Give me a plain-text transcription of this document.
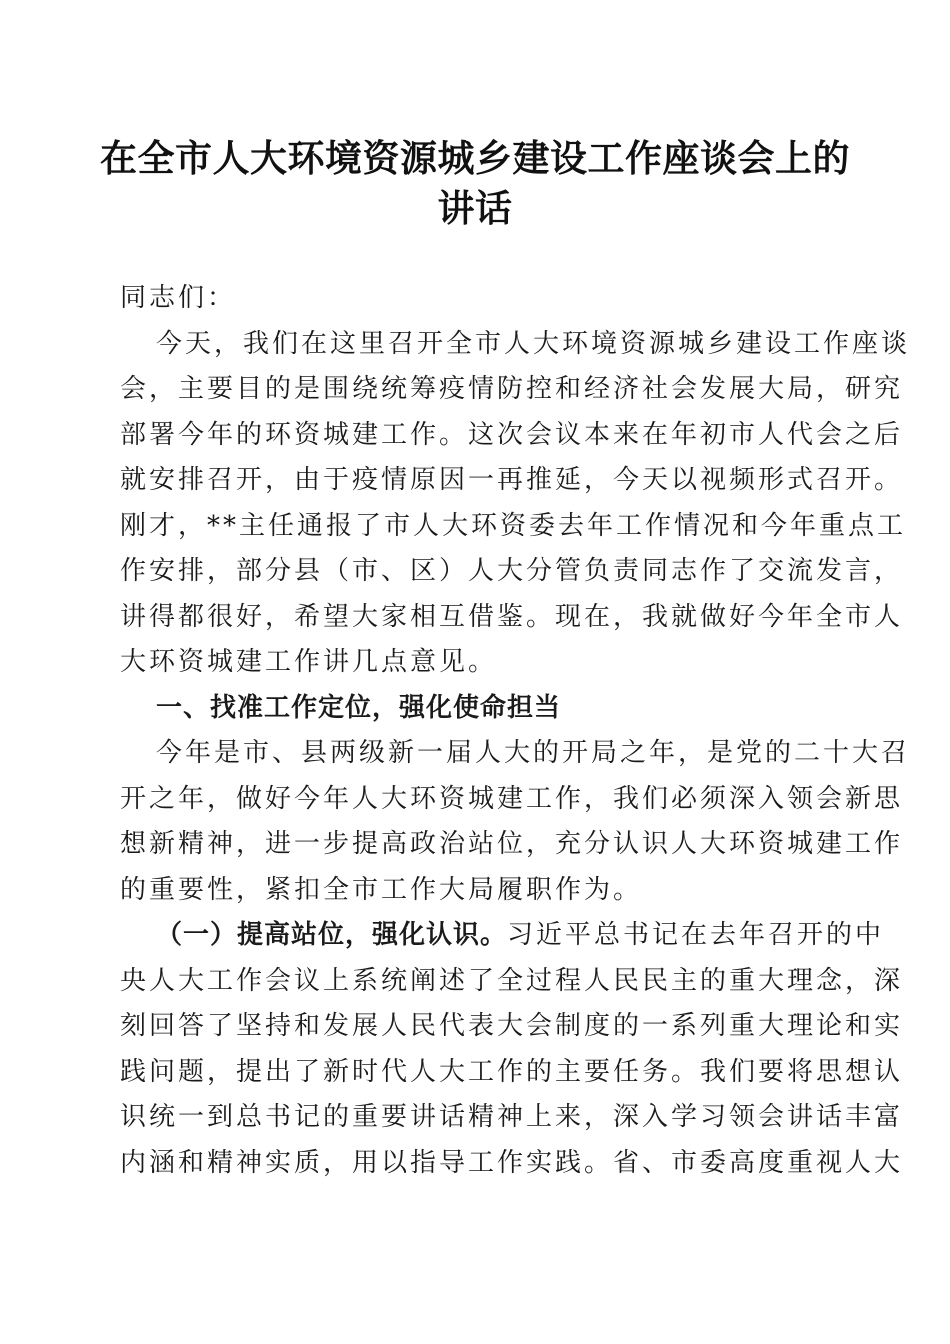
在全市人大环境资源城乡建设工作座谈会上的
讲话
同志们：
今天，我们在这里召开全市人大环境资源城乡建设工作座谈
会，主要目的是围绕统筹疫情防控和经济社会发展大局，研究
部署今年的环资城建工作。这次会议本来在年初市人代会之后
就安排召开，由于疫情原因一再推延，今天以视频形式召开。
刚才，**主任通报了市人大环资委去年工作情况和今年重点工
作安排，部分县（市、区）人大分管负责同志作了交流发言，
讲得都很好，希望大家相互借鉴。现在，我就做好今年全市人
大环资城建工作讲几点意见。
一、找准工作定位，强化使命担当
今年是市、县两级新一届人大的开局之年，是党的二十大召
开之年，做好今年人大环资城建工作，我们必须深入领会新思
想新精神，进一步提高政治站位，充分认识人大环资城建工作
的重要性，紧扣全市工作大局履职作为。
（一）提高站位，强化认识。习近平总书记在去年召开的中
央人大工作会议上系统阐述了全过程人民民主的重大理念，深
刻回答了坚持和发展人民代表大会制度的一系列重大理论和实
践问题，提出了新时代人大工作的主要任务。我们要将思想认
识统一到总书记的重要讲话精神上来，深入学习领会讲话丰富
内涵和精神实质，用以指导工作实践。省、市委高度重视人大
